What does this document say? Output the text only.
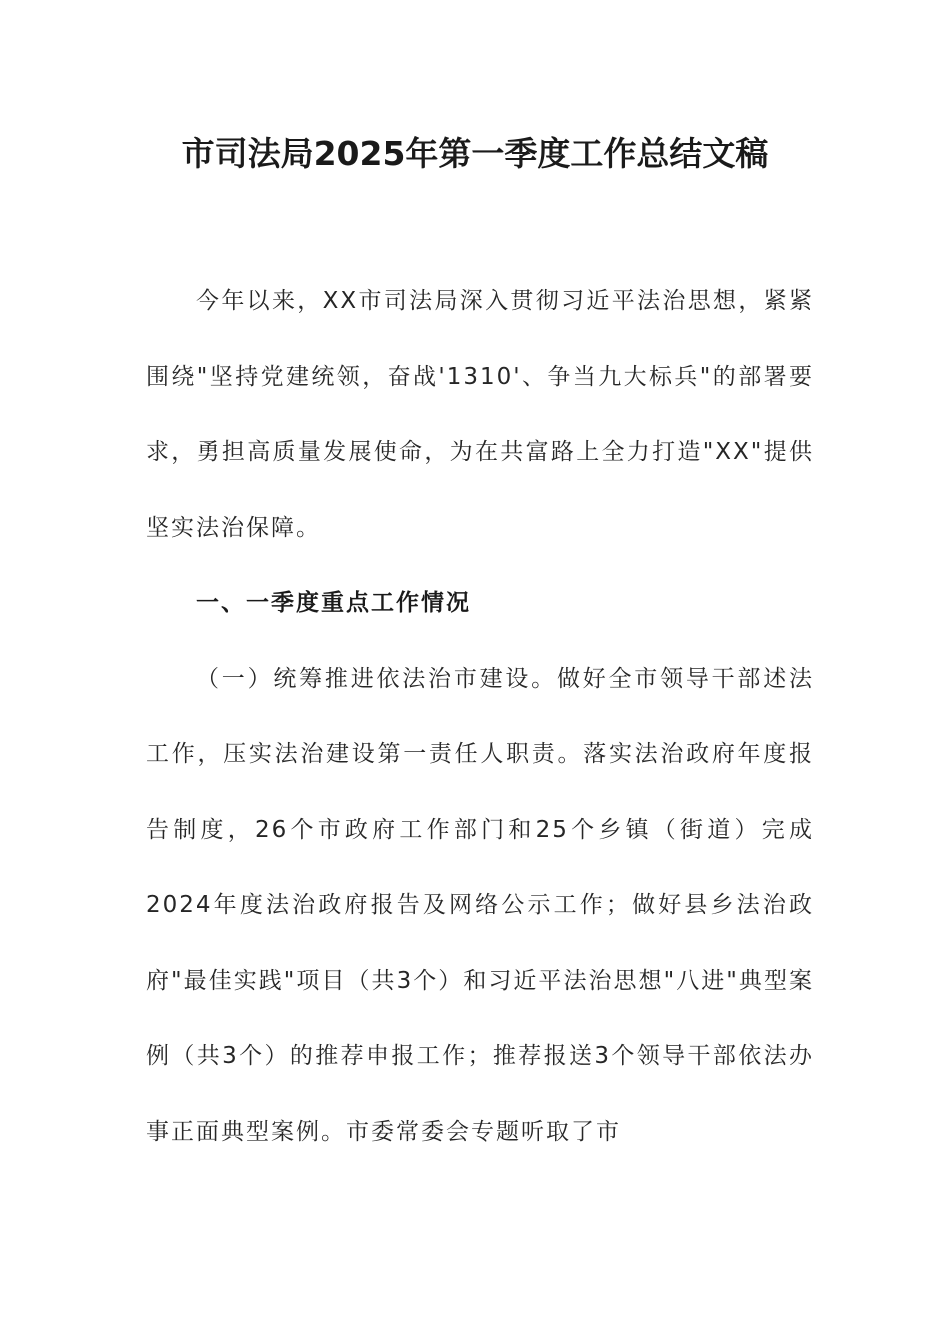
市司法局2025年第一季度工作总结文稿

今年以来，XX市司法局深入贯彻习近平法治思想，紧紧围绕"坚持党建统领，奋战'1310'、争当九大标兵"的部署要求，勇担高质量发展使命，为在共富路上全力打造"XX"提供坚实法治保障。

一、一季度重点工作情况

（一）统筹推进依法治市建设。做好全市领导干部述法工作，压实法治建设第一责任人职责。落实法治政府年度报告制度，26个市政府工作部门和25个乡镇（街道）完成2024年度法治政府报告及网络公示工作；做好县乡法治政府"最佳实践"项目（共3个）和习近平法治思想"八进"典型案例（共3个）的推荐申报工作；推荐报送3个领导干部依法办事正面典型案例。市委常委会专题听取了市
